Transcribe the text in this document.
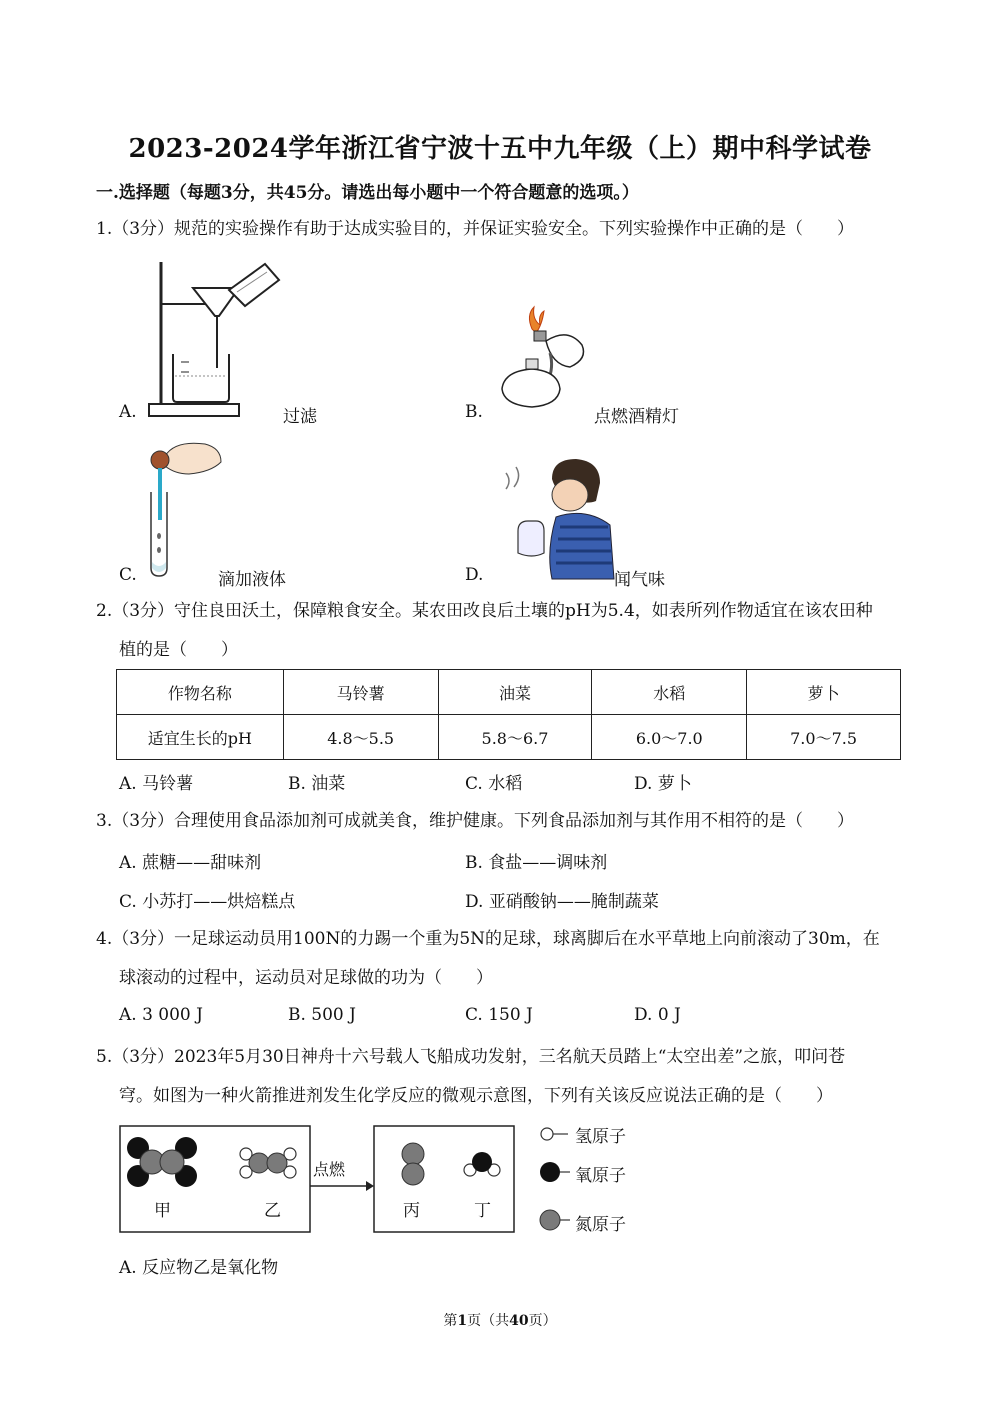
2023-2024学年浙江省宁波十五中九年级（上）期中科学试卷
一.选择题（每题3分，共45分。请选出每小题中一个符合题意的选项。）
1.（3分）规范的实验操作有助于达成实验目的，并保证实验安全。下列实验操作中正确的是（　　）
A.	过滤	B.	点燃酒精灯
C.	滴加液体	D.	闻气味
2.（3分）守住良田沃土，保障粮食安全。某农田改良后土壤的pH为5.4，如表所列作物适宜在该农田种
植的是（　　）
作物名称	马铃薯	油菜	水稻	萝卜
适宜生长的pH	4.8～5.5	5.8～6.7	6.0～7.0	7.0～7.5
A. 马铃薯	B. 油菜	C. 水稻	D. 萝卜
3.（3分）合理使用食品添加剂可成就美食，维护健康。下列食品添加剂与其作用不相符的是（　　）
A. 蔗糖——甜味剂	B. 食盐——调味剂
C. 小苏打——烘焙糕点	D. 亚硝酸钠——腌制蔬菜
4.（3分）一足球运动员用100N的力踢一个重为5N的足球，球离脚后在水平草地上向前滚动了30m，在
球滚动的过程中，运动员对足球做的功为（　　）
A. 3 000 J	B. 500 J	C. 150 J	D. 0 J
5.（3分）2023年5月30日神舟十六号载人飞船成功发射，三名航天员踏上“太空出差”之旅，叩问苍
穹。如图为一种火箭推进剂发生化学反应的微观示意图，下列有关该反应说法正确的是（　　）
甲	乙
点燃
丙	丁
氢原子
氧原子
氮原子
A. 反应物乙是氧化物
第1页（共40页）
